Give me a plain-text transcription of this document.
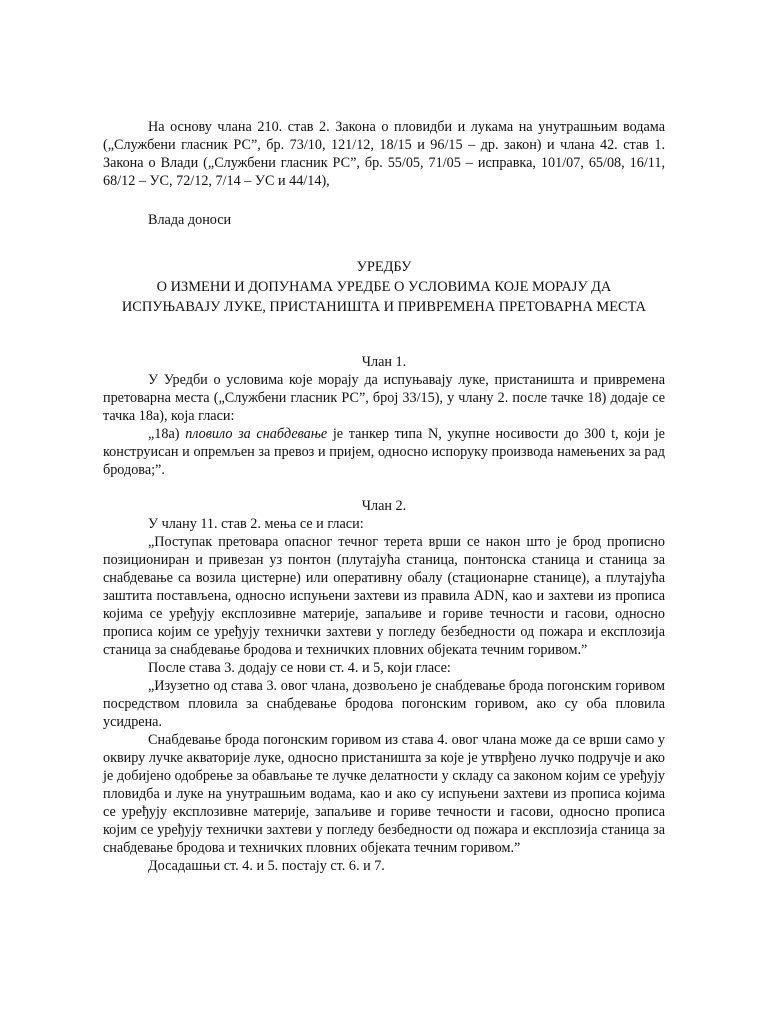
На основу члана 210. став 2. Закона о пловидби и лукама на унутрашњим водама („Службени гласник РС”, бр. 73/10, 121/12, 18/15 и 96/15 – др. закон) и члана 42. став 1. Закона о Влади („Службени гласник РС”, бр. 55/05, 71/05 – исправка, 101/07, 65/08, 16/11, 68/12 – УС, 72/12, 7/14 – УС и 44/14),

Влада доноси

УРЕДБУ
О ИЗМЕНИ И ДОПУНАМА УРЕДБЕ О УСЛОВИМА КОЈЕ МОРАЈУ ДА
ИСПУЊАВАЈУ ЛУКЕ, ПРИСТАНИШТА И ПРИВРЕМЕНА ПРЕТОВАРНА МЕСТА

Члан 1.

У Уредби о условима које морају да испуњавају луке, пристаништа и привремена претоварна места („Службени гласник РС”, број 33/15), у члану 2. после тачке 18) додаје се тачка 18а), која гласи:

„18а) пловило за снабдевање је танкер типа N, укупне носивости до 300 t, који је конструисан и опремљен за превоз и пријем, односно испоруку производа намењених за рад бродова;”.

Члан 2.

У члану 11. став 2. мења се и гласи:

„Поступак претовара опасног течног терета врши се након што је брод прописно позициониран и привезан уз понтон (плутајућа станица, понтонска станица и станица за снабдевање са возила цистерне) или оперативну обалу (стационарне станице), а плутајућа заштита постављена, односно испуњени захтеви из правила ADN, као и захтеви из прописа којима се уређују експлозивне материје, запаљиве и горивe течности и гасови, односно прописа којим се уређују технички захтеви у погледу безбедности од пожара и експлозија станица за снабдевање бродова и техничких пловних објеката течним горивом.”

После става 3. додају се нови ст. 4. и 5, који гласе:

„Изузетно од става 3. овог члана, дозвољено је снабдевање брода погонским горивом посредством пловила за снабдевање бродова погонским горивом, ако су оба пловила усидрена.

Снабдевање брода погонским горивом из става 4. овог члана може да се врши само у оквиру лучке акваторије луке, односно пристаништа за које је утврђено лучко подручје и ако је добијено одобрење за обављање те лучке делатности у складу са законом којим се уређују пловидба и луке на унутрашњим водама, као и ако су испуњени захтеви из прописа којима се уређују експлозивне материје, запаљиве и горивe течности и гасови, односно прописа којим се уређују технички захтеви у погледу безбедности од пожара и експлозија станица за снабдевање бродова и техничких пловних објеката течним горивом.”

Досадашњи ст. 4. и 5. постају ст. 6. и 7.
